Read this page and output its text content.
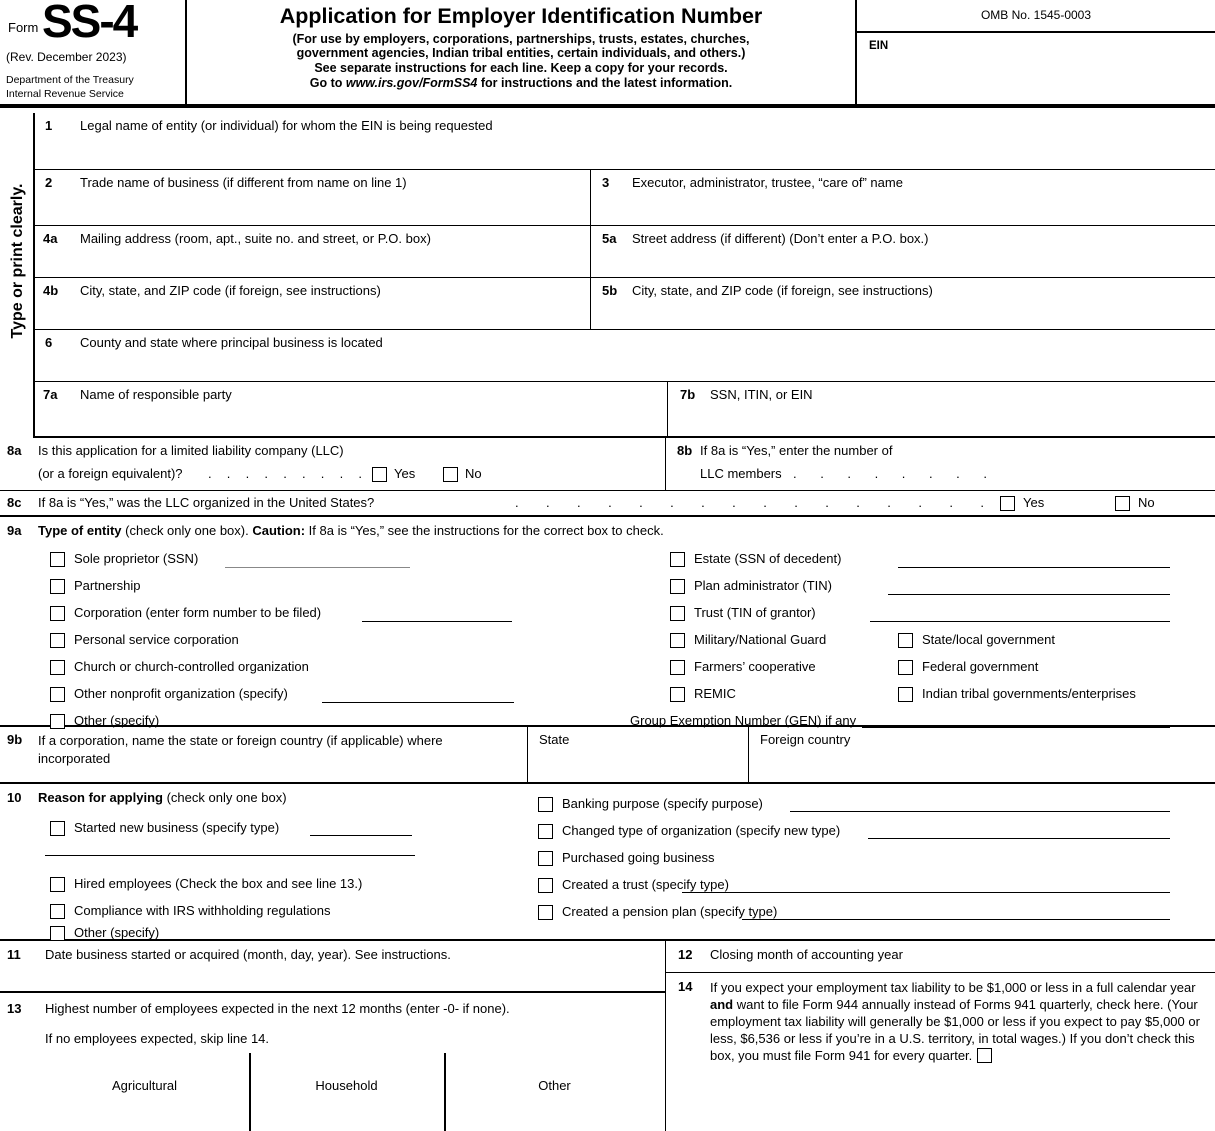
Form SS-4
(Rev. December 2023)
Department of the Treasury
Internal Revenue Service
Application for Employer Identification Number
(For use by employers, corporations, partnerships, trusts, estates, churches,
government agencies, Indian tribal entities, certain individuals, and others.)
See separate instructions for each line. Keep a copy for your records.
Go to www.irs.gov/FormSS4 for instructions and the latest information.
OMB No. 1545-0003
EIN
Type or print clearly.
1 Legal name of entity (or individual) for whom the EIN is being requested
2 Trade name of business (if different from name on line 1)	3 Executor, administrator, trustee, “care of” name
4a Mailing address (room, apt., suite no. and street, or P.O. box)	5a Street address (if different) (Don’t enter a P.O. box.)
4b City, state, and ZIP code (if foreign, see instructions)	5b City, state, and ZIP code (if foreign, see instructions)
6 County and state where principal business is located
7a Name of responsible party	7b SSN, ITIN, or EIN
8a Is this application for a limited liability company (LLC)
(or a foreign equivalent)? . . . . . . . . . Yes	No
8b If 8a is “Yes,” enter the number of
LLC members . . . . . . . .
8c If 8a is “Yes,” was the LLC organized in the United States?	. . . . . . . . . . . . . . . .	Yes	No
9a Type of entity (check only one box). Caution: If 8a is “Yes,” see the instructions for the correct box to check.
Sole proprietor (SSN)
Partnership
Corporation (enter form number to be filed)
Personal service corporation
Church or church-controlled organization
Other nonprofit organization (specify)
Other (specify)
Estate (SSN of decedent)
Plan administrator (TIN)
Trust (TIN of grantor)
Military/National Guard	State/local government
Farmers’ cooperative	Federal government
REMIC	Indian tribal governments/enterprises
Group Exemption Number (GEN) if any
9b If a corporation, name the state or foreign country (if applicable) where incorporated
State	Foreign country
10 Reason for applying (check only one box)
Started new business (specify type)
Hired employees (Check the box and see line 13.)
Compliance with IRS withholding regulations
Other (specify)
Banking purpose (specify purpose)
Changed type of organization (specify new type)
Purchased going business
Created a trust (specify type)
Created a pension plan (specify type)
11 Date business started or acquired (month, day, year). See instructions.	12 Closing month of accounting year
13 Highest number of employees expected in the next 12 months (enter -0- if none).
If no employees expected, skip line 14.
Agricultural	Household	Other
14 If you expect your employment tax liability to be $1,000 or less in a full calendar year and want to file Form 944 annually instead of Forms 941 quarterly, check here. (Your employment tax liability will generally be $1,000 or less if you expect to pay $5,000 or less, $6,536 or less if you’re in a U.S. territory, in total wages.) If you don’t check this box, you must file Form 941 for every quarter.
